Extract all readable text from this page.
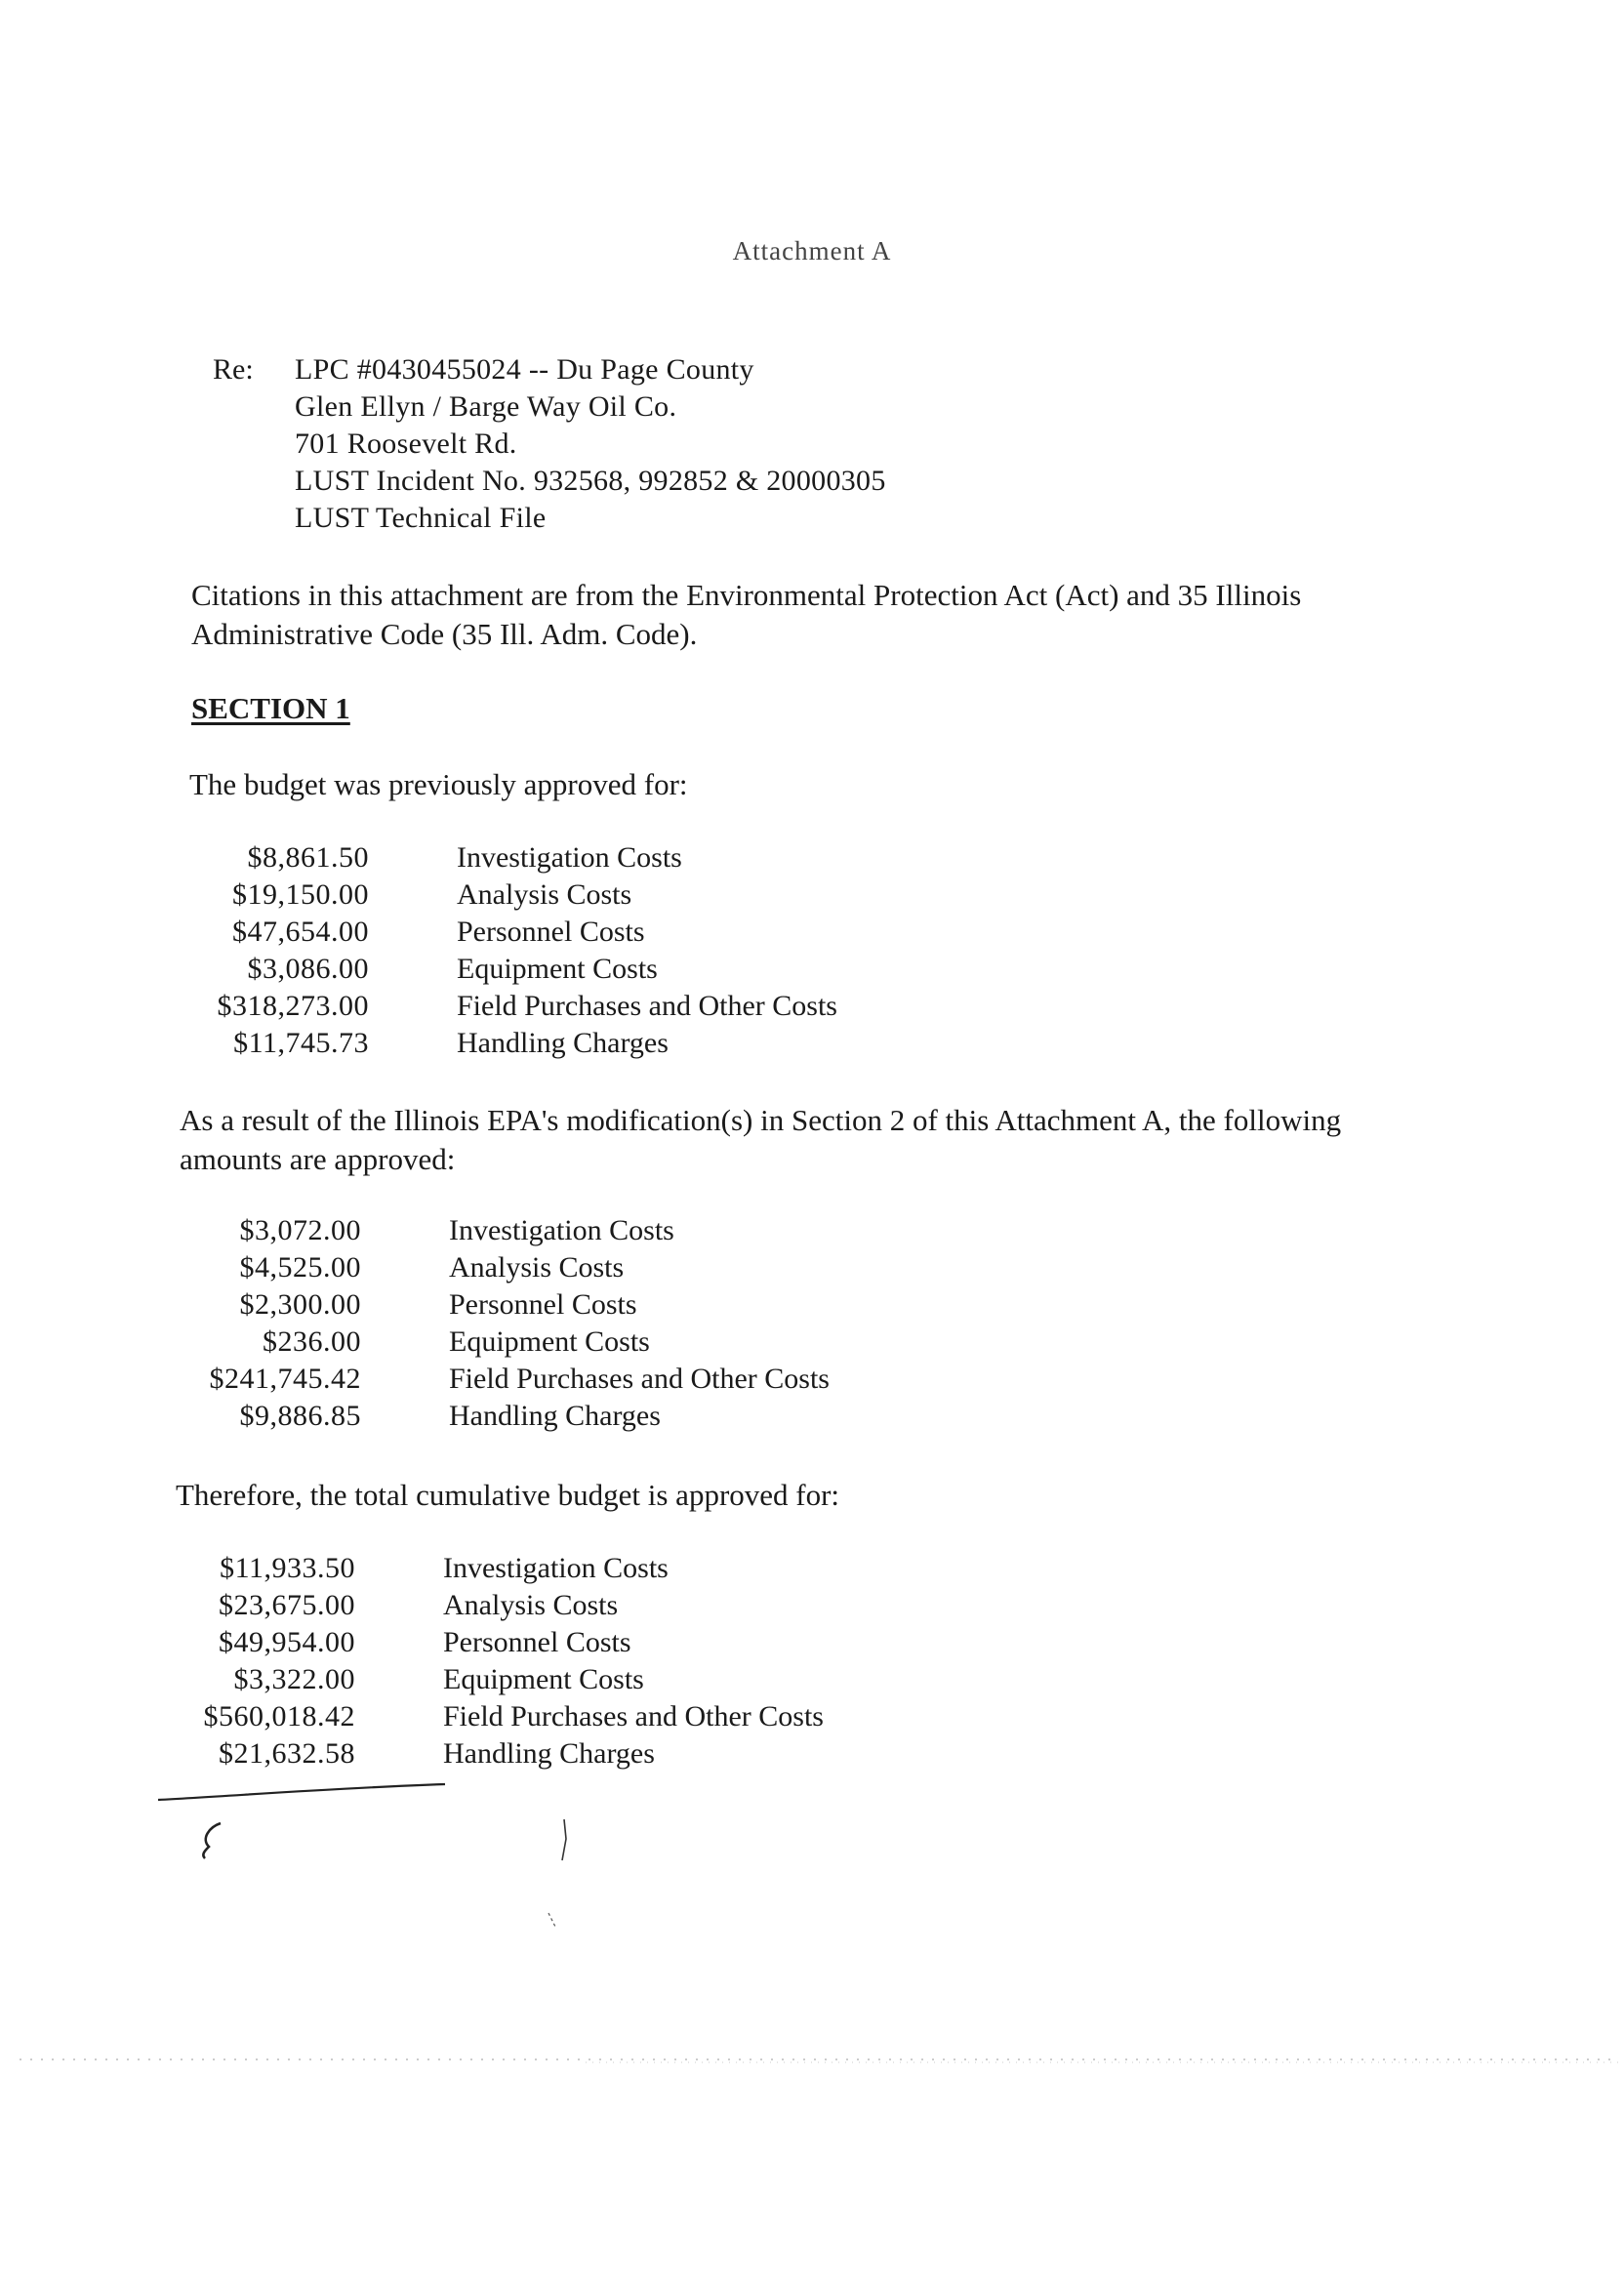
Attachment A
Re: LPC #0430455024 -- Du Page County
Glen Ellyn / Barge Way Oil Co.
701 Roosevelt Rd.
LUST Incident No. 932568, 992852 & 20000305
LUST Technical File
Citations in this attachment are from the Environmental Protection Act (Act) and 35 Illinois
Administrative Code (35 Ill. Adm. Code).
SECTION 1
The budget was previously approved for:
$8,861.50	Investigation Costs
$19,150.00	Analysis Costs
$47,654.00	Personnel Costs
$3,086.00	Equipment Costs
$318,273.00	Field Purchases and Other Costs
$11,745.73	Handling Charges
As a result of the Illinois EPA's modification(s) in Section 2 of this Attachment A, the following
amounts are approved:
$3,072.00	Investigation Costs
$4,525.00	Analysis Costs
$2,300.00	Personnel Costs
$236.00	Equipment Costs
$241,745.42	Field Purchases and Other Costs
$9,886.85	Handling Charges
Therefore, the total cumulative budget is approved for:
$11,933.50	Investigation Costs
$23,675.00	Analysis Costs
$49,954.00	Personnel Costs
$3,322.00	Equipment Costs
$560,018.42	Field Purchases and Other Costs
$21,632.58	Handling Charges
